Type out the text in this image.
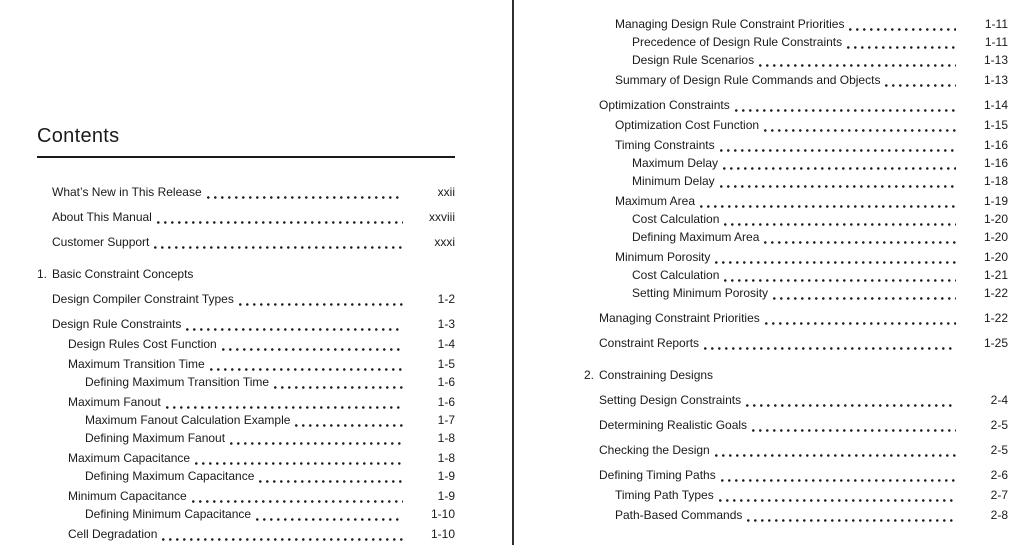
Contents
What’s New in This Release	xxii
About This Manual	xxviii
Customer Support	xxxi
1. Basic Constraint Concepts
Design Compiler Constraint Types	1-2
Design Rule Constraints	1-3
Design Rules Cost Function	1-4
Maximum Transition Time	1-5
Defining Maximum Transition Time	1-6
Maximum Fanout	1-6
Maximum Fanout Calculation Example	1-7
Defining Maximum Fanout	1-8
Maximum Capacitance	1-8
Defining Maximum Capacitance	1-9
Minimum Capacitance	1-9
Defining Minimum Capacitance	1-10
Cell Degradation	1-10
Managing Design Rule Constraint Priorities	1-11
Precedence of Design Rule Constraints	1-11
Design Rule Scenarios	1-13
Summary of Design Rule Commands and Objects	1-13
Optimization Constraints	1-14
Optimization Cost Function	1-15
Timing Constraints	1-16
Maximum Delay	1-16
Minimum Delay	1-18
Maximum Area	1-19
Cost Calculation	1-20
Defining Maximum Area	1-20
Minimum Porosity	1-20
Cost Calculation	1-21
Setting Minimum Porosity	1-22
Managing Constraint Priorities	1-22
Constraint Reports	1-25
2. Constraining Designs
Setting Design Constraints	2-4
Determining Realistic Goals	2-5
Checking the Design	2-5
Defining Timing Paths	2-6
Timing Path Types	2-7
Path-Based Commands	2-8
